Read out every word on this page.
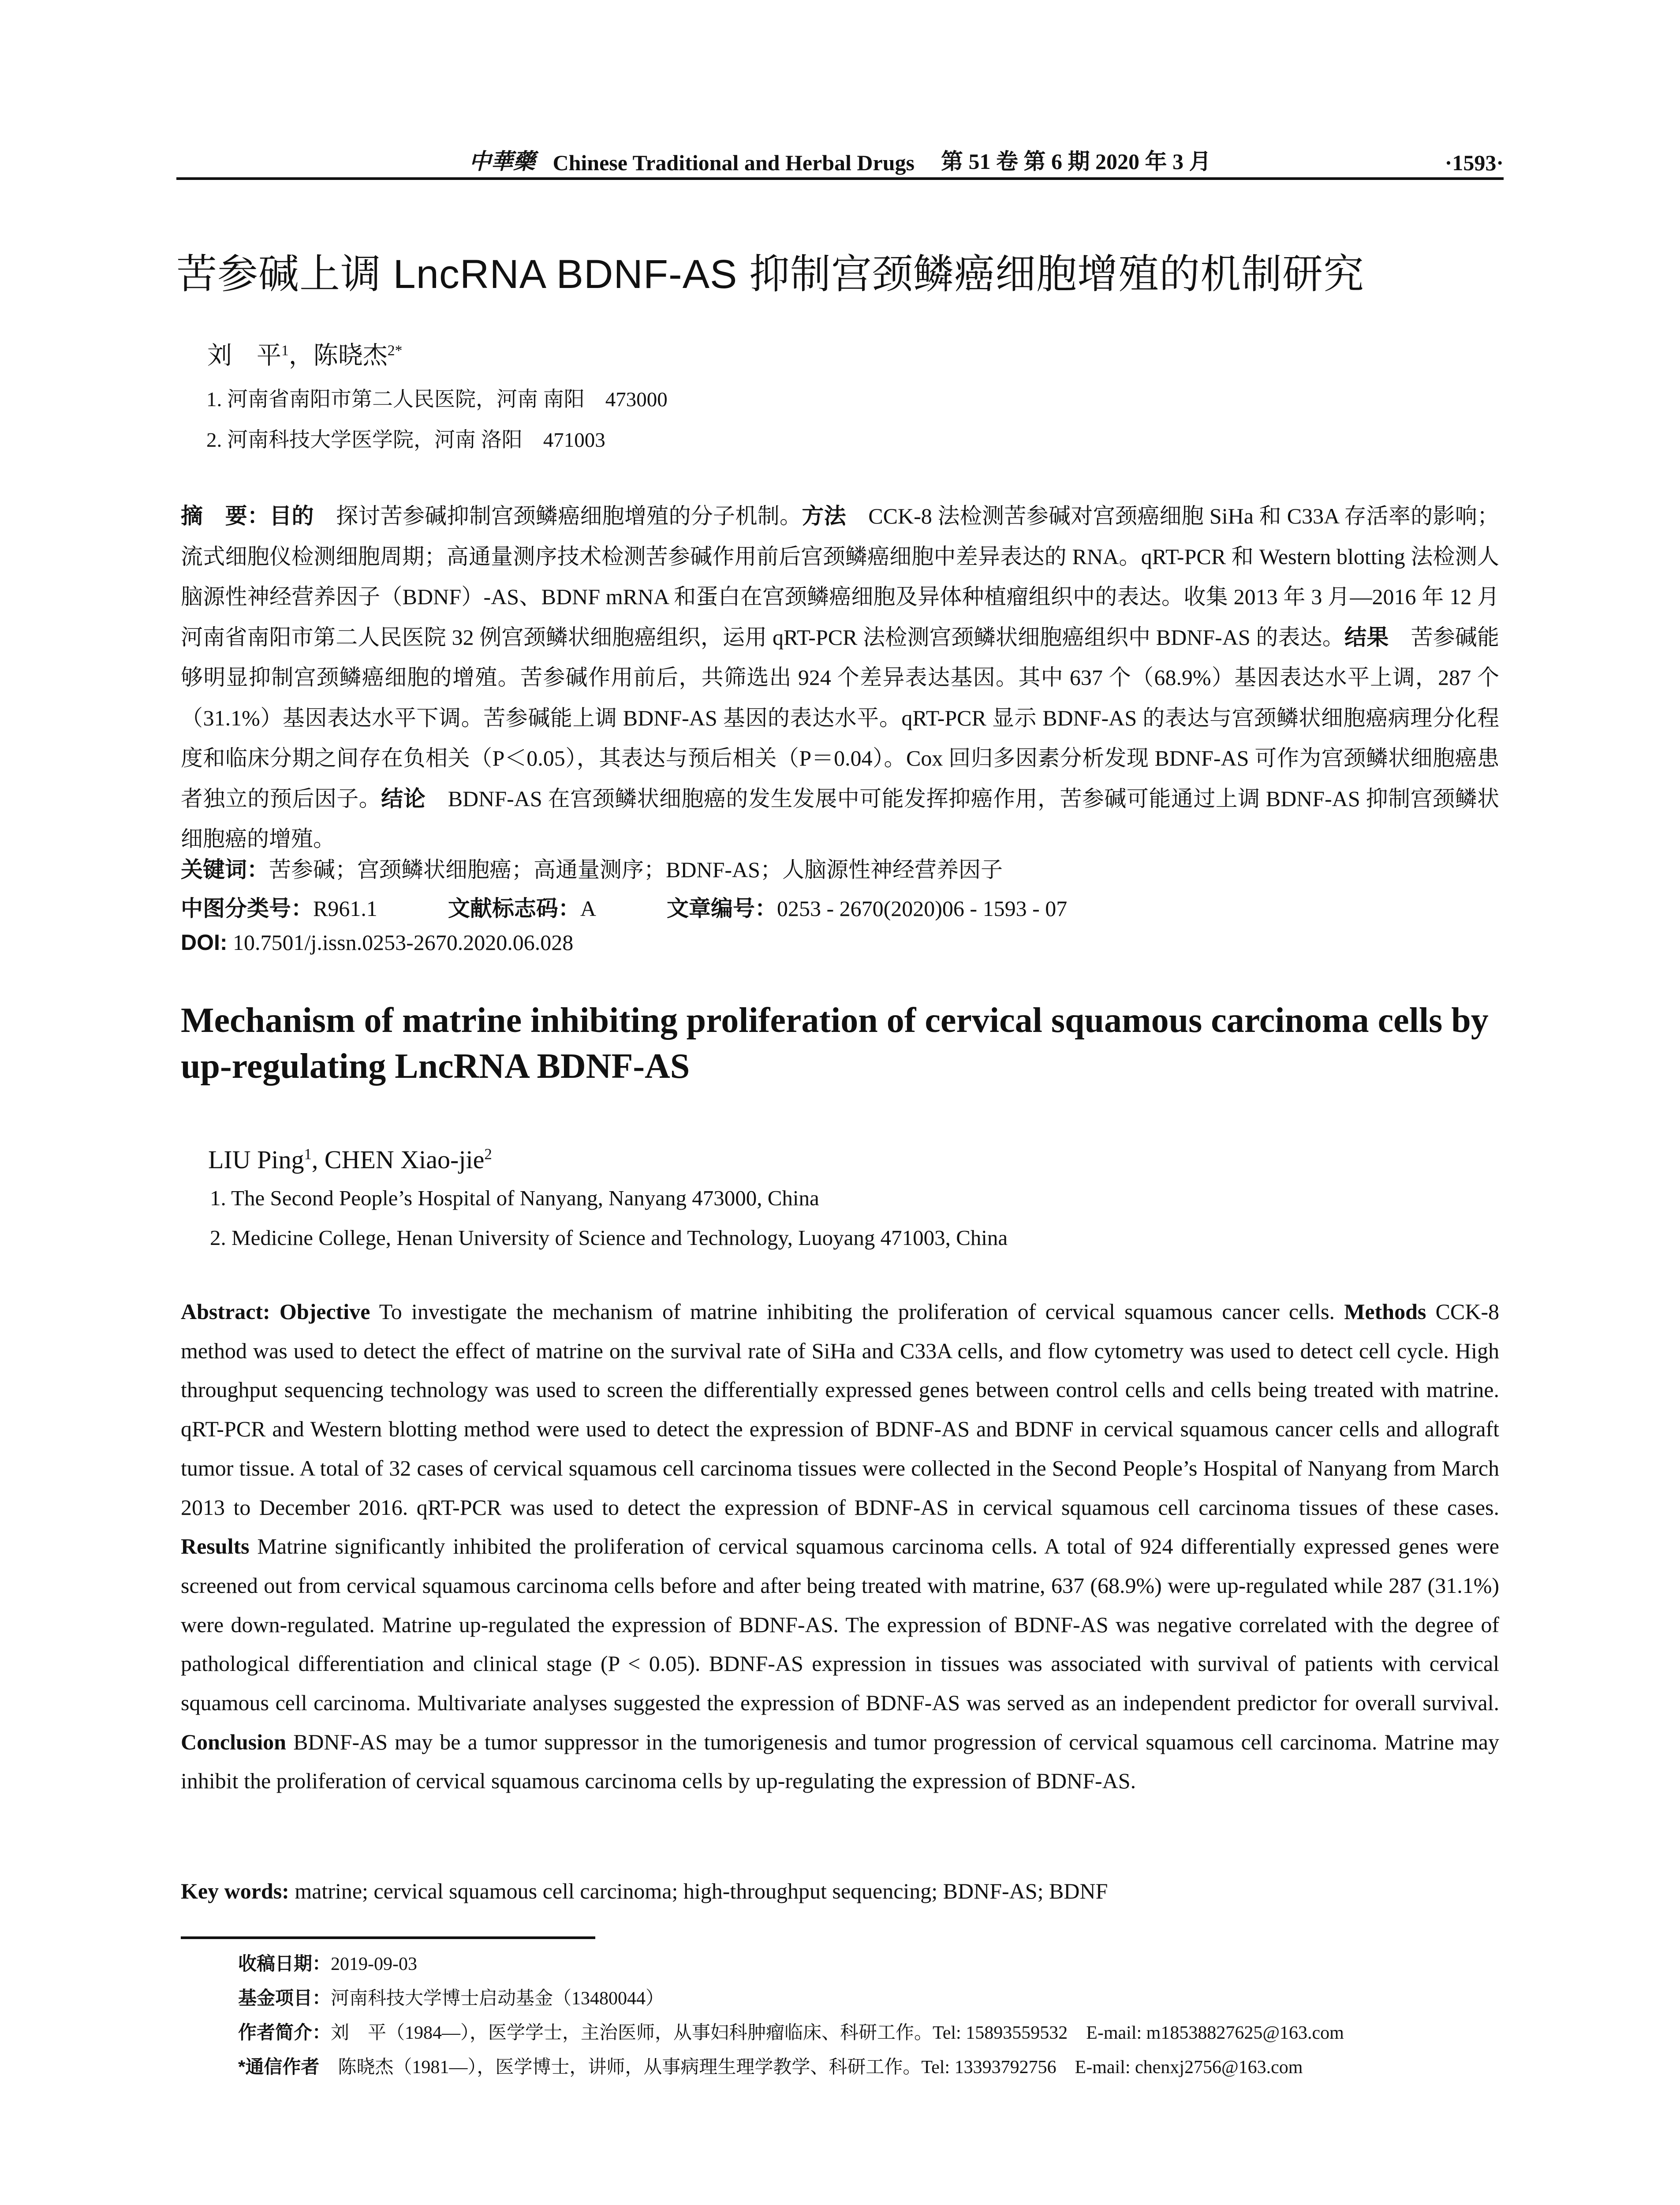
中華藥 Chinese Traditional and Herbal Drugs 第 51 卷 第 6 期 2020 年 3 月	·1593·
苦参碱上调 LncRNA BDNF-AS 抑制宫颈鳞癌细胞增殖的机制研究
刘　平$^1$，陈晓杰$^{2*}$
1. 河南省南阳市第二人民医院，河南 南阳　473000
2. 河南科技大学医学院，河南 洛阳　471003
摘　要：目的　探讨苦参碱抑制宫颈鳞癌细胞增殖的分子机制。方法　CCK-8 法检测苦参碱对宫颈癌细胞 SiHa 和 C33A 存活率的影响；流式细胞仪检测细胞周期；高通量测序技术检测苦参碱作用前后宫颈鳞癌细胞中差异表达的 RNA。qRT-PCR 和 Western blotting 法检测人脑源性神经营养因子（BDNF）-AS、BDNF mRNA 和蛋白在宫颈鳞癌细胞及异体种植瘤组织中的表达。收集 2013 年 3 月—2016 年 12 月河南省南阳市第二人民医院 32 例宫颈鳞状细胞癌组织，运用 qRT-PCR 法检测宫颈鳞状细胞癌组织中 BDNF-AS 的表达。结果　苦参碱能够明显抑制宫颈鳞癌细胞的增殖。苦参碱作用前后，共筛选出 924 个差异表达基因。其中 637 个（68.9%）基因表达水平上调，287 个（31.1%）基因表达水平下调。苦参碱能上调 BDNF-AS 基因的表达水平。qRT-PCR 显示 BDNF-AS 的表达与宫颈鳞状细胞癌病理分化程度和临床分期之间存在负相关（P＜0.05），其表达与预后相关（P＝0.04）。Cox 回归多因素分析发现 BDNF-AS 可作为宫颈鳞状细胞癌患者独立的预后因子。结论　BDNF-AS 在宫颈鳞状细胞癌的发生发展中可能发挥抑癌作用，苦参碱可能通过上调 BDNF-AS 抑制宫颈鳞状细胞癌的增殖。
关键词：苦参碱；宫颈鳞状细胞癌；高通量测序；BDNF-AS；人脑源性神经营养因子
中图分类号：R961.1	文献标志码：A	文章编号：0253 - 2670(2020)06 - 1593 - 07
DOI: 10.7501/j.issn.0253-2670.2020.06.028
Mechanism of matrine inhibiting proliferation of cervical squamous carcinoma cells by up-regulating LncRNA BDNF-AS
LIU Ping$^1$, CHEN Xiao-jie$^2$
1. The Second People’s Hospital of Nanyang, Nanyang 473000, China
2. Medicine College, Henan University of Science and Technology, Luoyang 471003, China
Abstract: Objective To investigate the mechanism of matrine inhibiting the proliferation of cervical squamous cancer cells. Methods CCK-8 method was used to detect the effect of matrine on the survival rate of SiHa and C33A cells, and flow cytometry was used to detect cell cycle. High throughput sequencing technology was used to screen the differentially expressed genes between control cells and cells being treated with matrine. qRT-PCR and Western blotting method were used to detect the expression of BDNF-AS and BDNF in cervical squamous cancer cells and allograft tumor tissue. A total of 32 cases of cervical squamous cell carcinoma tissues were collected in the Second People’s Hospital of Nanyang from March 2013 to December 2016. qRT-PCR was used to detect the expression of BDNF-AS in cervical squamous cell carcinoma tissues of these cases. Results Matrine significantly inhibited the proliferation of cervical squamous carcinoma cells. A total of 924 differentially expressed genes were screened out from cervical squamous carcinoma cells before and after being treated with matrine, 637 (68.9%) were up-regulated while 287 (31.1%) were down-regulated. Matrine up-regulated the expression of BDNF-AS. The expression of BDNF-AS was negative correlated with the degree of pathological differentiation and clinical stage (P < 0.05). BDNF-AS expression in tissues was associated with survival of patients with cervical squamous cell carcinoma. Multivariate analyses suggested the expression of BDNF-AS was served as an independent predictor for overall survival. Conclusion BDNF-AS may be a tumor suppressor in the tumorigenesis and tumor progression of cervical squamous cell carcinoma. Matrine may inhibit the proliferation of cervical squamous carcinoma cells by up-regulating the expression of BDNF-AS.
Key words: matrine; cervical squamous cell carcinoma; high-throughput sequencing; BDNF-AS; BDNF
收稿日期：2019-09-03
基金项目：河南科技大学博士启动基金（13480044）
作者简介：刘　平（1984—），医学学士，主治医师，从事妇科肿瘤临床、科研工作。Tel: 15893559532　E-mail: m18538827625@163.com
*通信作者　陈晓杰（1981—），医学博士，讲师，从事病理生理学教学、科研工作。Tel: 13393792756　E-mail: chenxj2756@163.com
